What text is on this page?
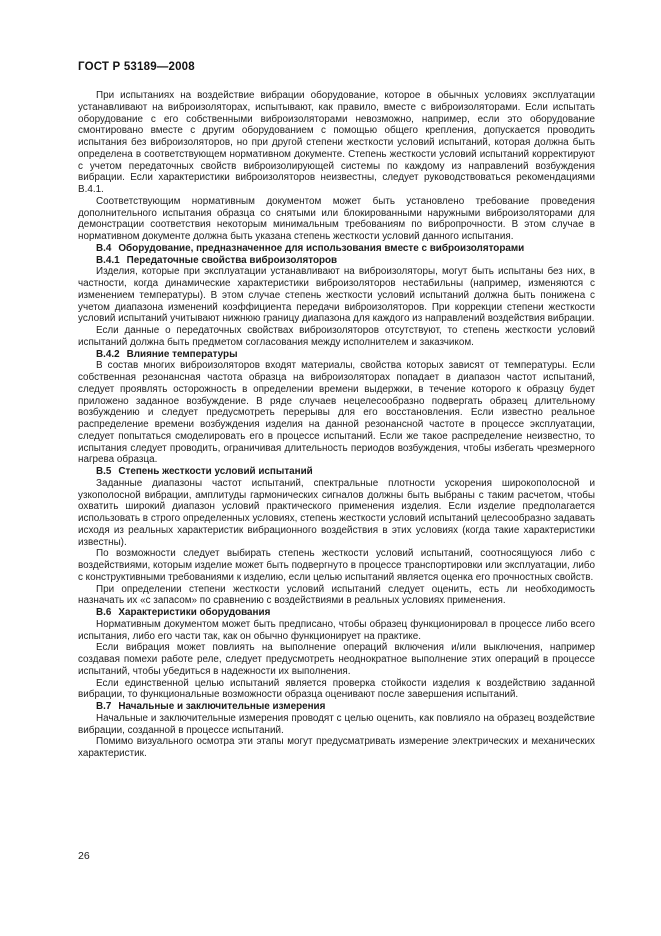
ГОСТ Р 53189—2008

При испытаниях на воздействие вибрации оборудование, которое в обычных условиях эксплуатации устанавливают на виброизоляторах, испытывают, как правило, вместе с виброизоляторами. Если испытать оборудование с его собственными виброизоляторами невозможно, например, если это оборудование смонтировано вместе с другим оборудованием с помощью общего крепления, допускается проводить испытания без виброизоляторов, но при другой степени жесткости условий испытаний, которая должна быть определена в соответствующем нормативном документе. Степень жесткости условий испытаний корректируют с учетом передаточных свойств виброизолирующей системы по каждому из направлений возбуждения вибрации. Если характеристики виброизоляторов неизвестны, следует руководствоваться рекомендациями В.4.1.

Соответствующим нормативным документом может быть установлено требование проведения дополнительного испытания образца со снятыми или блокированными наружными виброизоляторами для демонстрации соответствия некоторым минимальным требованиям по вибропрочности. В этом случае в нормативном документе должна быть указана степень жесткости условий данного испытания.

В.4 Оборудование, предназначенное для использования вместе с виброизоляторами

В.4.1 Передаточные свойства виброизоляторов

Изделия, которые при эксплуатации устанавливают на виброизоляторы, могут быть испытаны без них, в частности, когда динамические характеристики виброизоляторов нестабильны (например, изменяются с изменением температуры). В этом случае степень жесткости условий испытаний должна быть понижена с учетом диапазона изменений коэффициента передачи виброизоляторов. При коррекции степени жесткости условий испытаний учитывают нижнюю границу диапазона для каждого из направлений воздействия вибрации.

Если данные о передаточных свойствах виброизоляторов отсутствуют, то степень жесткости условий испытаний должна быть предметом согласования между исполнителем и заказчиком.

В.4.2 Влияние температуры

В состав многих виброизоляторов входят материалы, свойства которых зависят от температуры. Если собственная резонансная частота образца на виброизоляторах попадает в диапазон частот испытаний, следует проявлять осторожность в определении времени выдержки, в течение которого к образцу будет приложено заданное возбуждение. В ряде случаев нецелесообразно подвергать образец длительному возбуждению и следует предусмотреть перерывы для его восстановления. Если известно реальное распределение времени возбуждения изделия на данной резонансной частоте в процессе эксплуатации, следует попытаться смоделировать его в процессе испытаний. Если же такое распределение неизвестно, то испытания следует проводить, ограничивая длительность периодов возбуждения, чтобы избегать чрезмерного нагрева образца.

В.5 Степень жесткости условий испытаний

Заданные диапазоны частот испытаний, спектральные плотности ускорения широкополосной и узкополосной вибрации, амплитуды гармонических сигналов должны быть выбраны с таким расчетом, чтобы охватить широкий диапазон условий практического применения изделия. Если изделие предполагается использовать в строго определенных условиях, степень жесткости условий испытаний целесообразно задавать исходя из реальных характеристик вибрационного воздействия в этих условиях (когда такие характеристики известны).

По возможности следует выбирать степень жесткости условий испытаний, соотносящуюся либо с воздействиями, которым изделие может быть подвергнуто в процессе транспортировки или эксплуатации, либо с конструктивными требованиями к изделию, если целью испытаний является оценка его прочностных свойств.

При определении степени жесткости условий испытаний следует оценить, есть ли необходимость назначать их «с запасом» по сравнению с воздействиями в реальных условиях применения.

В.6 Характеристики оборудования

Нормативным документом может быть предписано, чтобы образец функционировал в процессе либо всего испытания, либо его части так, как он обычно функционирует на практике.

Если вибрация может повлиять на выполнение операций включения и/или выключения, например создавая помехи работе реле, следует предусмотреть неоднократное выполнение этих операций в процессе испытаний, чтобы убедиться в надежности их выполнения.

Если единственной целью испытаний является проверка стойкости изделия к воздействию заданной вибрации, то функциональные возможности образца оценивают после завершения испытаний.

В.7 Начальные и заключительные измерения

Начальные и заключительные измерения проводят с целью оценить, как повлияло на образец воздействие вибрации, созданной в процессе испытаний.

Помимо визуального осмотра эти этапы могут предусматривать измерение электрических и механических характеристик.

26
